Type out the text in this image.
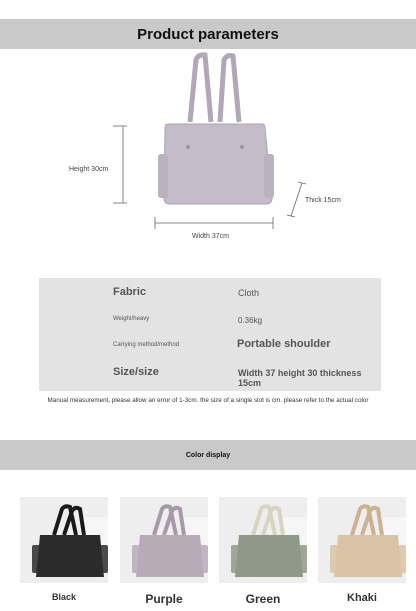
Product parameters
Height 30cm
Width 37cm
Thick 15cm
Fabric	Cloth
Weight/heavy	0.36kg
Carrying method/method	Portable shoulder
Size/size	Width 37 height 30 thickness 15cm
Manual measurement, please allow an error of 1-3cm. the size of a single slot is cm. please refer to the actual color
Color display
Black	Purple	Green	Khaki
